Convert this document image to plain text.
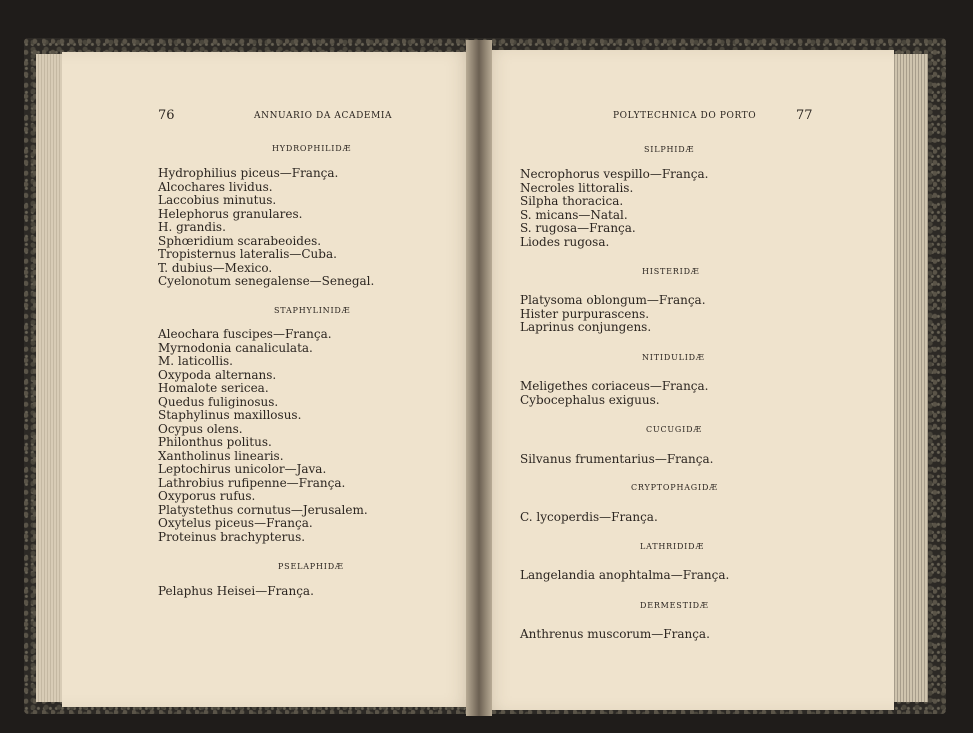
76	ANNUARIO DA ACADEMIA
HYDROPHILIDÆ
Hydrophilius piceus—França.
Alcochares lividus.
Laccobius minutus.
Helephorus granulares.
H. grandis.
Sphœridium scarabeoides.
Tropisternus lateralis—Cuba.
T. dubius—Mexico.
Cyelonotum senegalense—Senegal.
STAPHYLINIDÆ
Aleochara fuscipes—França.
Myrnodonia canaliculata.
M. laticollis.
Oxypoda alternans.
Homalote sericea.
Quedus fuliginosus.
Staphylinus maxillosus.
Ocypus olens.
Philonthus politus.
Xantholinus linearis.
Leptochirus unicolor—Java.
Lathrobius rufipenne—França.
Oxyporus rufus.
Platystethus cornutus—Jerusalem.
Oxytelus piceus—França.
Proteinus brachypterus.
PSELAPHIDÆ
Pelaphus Heisei—França.
POLYTECHNICA DO PORTO	77
SILPHIDÆ
Necrophorus vespillo—França.
Necroles littoralis.
Silpha thoracica.
S. micans—Natal.
S. rugosa—França.
Liodes rugosa.
HISTERIDÆ
Platysoma oblongum—França.
Hister purpurascens.
Laprinus conjungens.
NITIDULIDÆ
Meligethes coriaceus—França.
Cybocephalus exiguus.
CUCUGIDÆ
Silvanus frumentarius—França.
CRYPTOPHAGIDÆ
C. lycoperdis—França.
LATHRIDIDÆ
Langelandia anophtalma—França.
DERMESTIDÆ
Anthrenus muscorum—França.
